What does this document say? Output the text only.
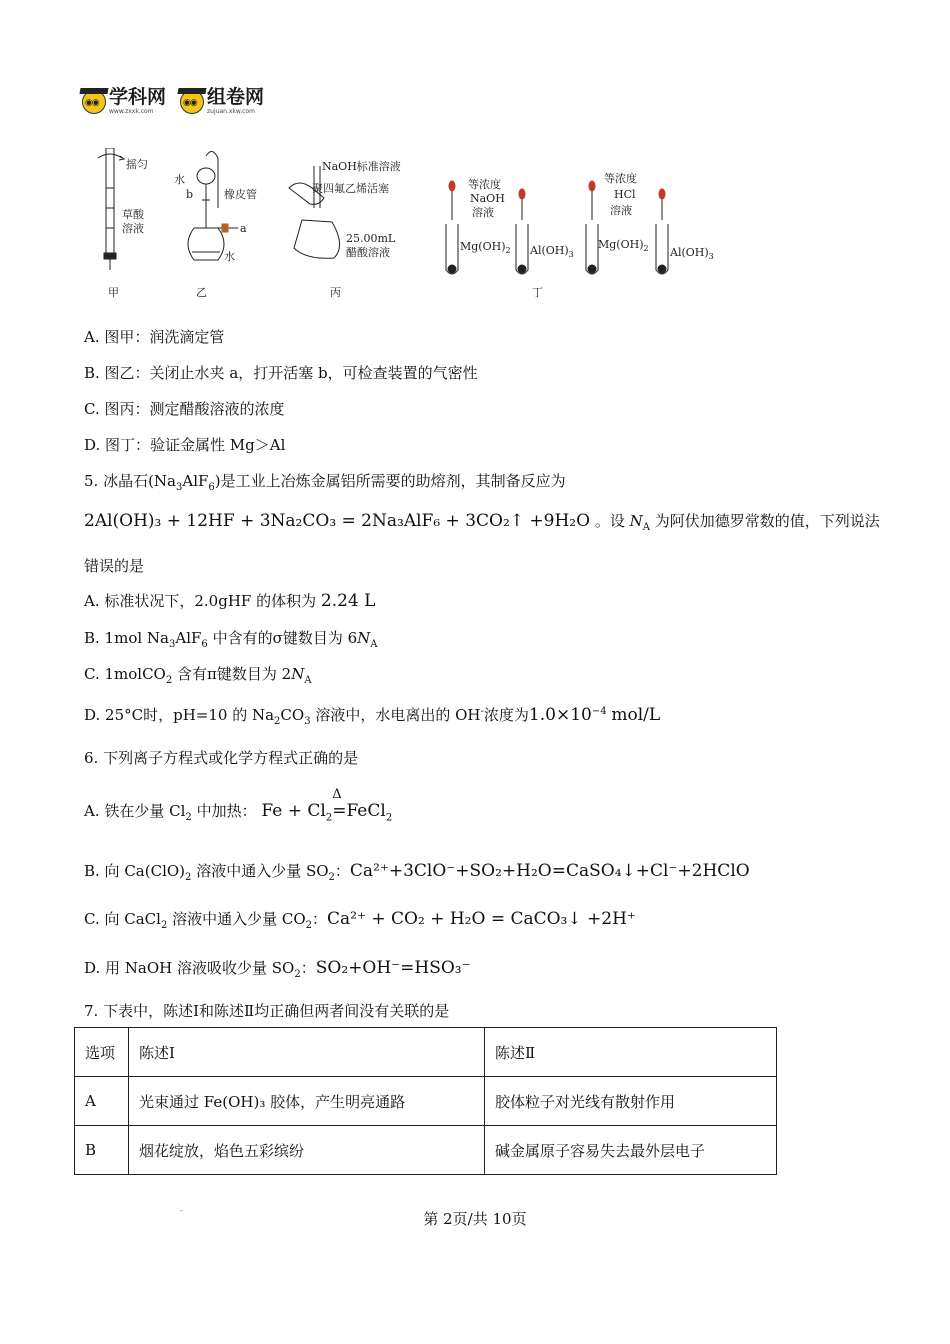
◉◉
学科网
www.zxxk.com
◉◉
组卷网
zujuan.xkw.com
摇匀
草酸
溶液
甲
水
b	橡皮管
a
水
乙
NaOH标准溶液
聚四氟乙烯活塞
25.00mL
醋酸溶液
丙
等浓度
NaOH
溶液
$Mg(OH)_2$ $Al(OH)_3$
等浓度
HCl
溶液
$Mg(OH)_2$ $Al(OH)_3$
丁
A. 图甲：润洗滴定管
B. 图乙：关闭止水夹 a，打开活塞 b，可检查装置的气密性
C. 图丙：测定醋酸溶液的浓度
D. 图丁：验证金属性 Mg＞Al
5. 冰晶石$(Na_3AlF_6)$是工业上冶炼金属铝所需要的助熔剂，其制备反应为
2Al(OH)₃ + 12HF + 3Na₂CO₃ = 2Na₃AlF₆ + 3CO₂↑ +9H₂O 。设 $N_A$ 为阿伏加德罗常数的值，下列说法
错误的是
A. 标准状况下，2.0gHF 的体积为 2.24 L
B. 1mol $Na_3AlF_6$ 中含有的σ键数目为 $6N_A$
C. 1molCO$_2$ 含有π键数目为 $2N_A$
D. 25°C时，pH=10 的 $Na_2CO_3$ 溶液中，水电离出的 OH-浓度为$1.0\times 10^{-4}$ mol/L
6. 下列离子方程式或化学方程式正确的是
A. 铁在少量 $Cl_2$ 中加热： $Fe + Cl_2$
Δ
=FeCl$_2$
B. 向 $Ca(ClO)_2$ 溶液中通入少量 $SO_2$：Ca²⁺+3ClO⁻+SO₂+H₂O=CaSO₄↓+Cl⁻+2HClO
C. 向 CaCl$_2$ 溶液中通入少量 $CO_2$：Ca²⁺ + CO₂ + H₂O = CaCO₃↓ +2H⁺
D. 用 NaOH 溶液吸收少量 $SO_2$：SO₂+OH⁻=HSO₃⁻
7. 下表中，陈述Ⅰ和陈述Ⅱ均正确但两者间没有关联的是
选项	陈述Ⅰ	陈述Ⅱ
A	光束通过 Fe(OH)₃ 胶体，产生明亮通路	胶体粒子对光线有散射作用
B	烟花绽放，焰色五彩缤纷	碱金属原子容易失去最外层电子
-	第 2页/共 10页
